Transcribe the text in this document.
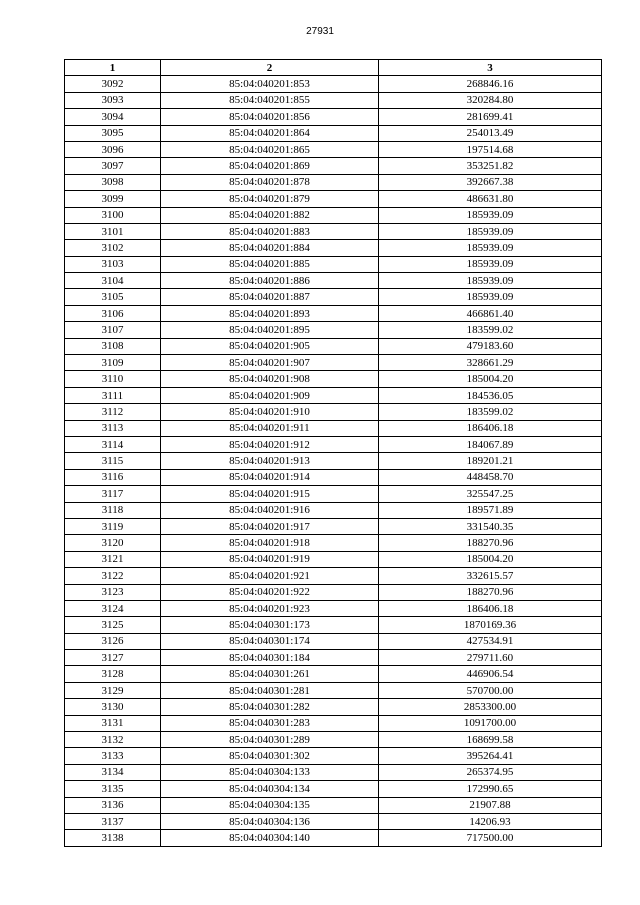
27931
1	2	3
3092	85:04:040201:853	268846.16
3093	85:04:040201:855	320284.80
3094	85:04:040201:856	281699.41
3095	85:04:040201:864	254013.49
3096	85:04:040201:865	197514.68
3097	85:04:040201:869	353251.82
3098	85:04:040201:878	392667.38
3099	85:04:040201:879	486631.80
3100	85:04:040201:882	185939.09
3101	85:04:040201:883	185939.09
3102	85:04:040201:884	185939.09
3103	85:04:040201:885	185939.09
3104	85:04:040201:886	185939.09
3105	85:04:040201:887	185939.09
3106	85:04:040201:893	466861.40
3107	85:04:040201:895	183599.02
3108	85:04:040201:905	479183.60
3109	85:04:040201:907	328661.29
3110	85:04:040201:908	185004.20
3111	85:04:040201:909	184536.05
3112	85:04:040201:910	183599.02
3113	85:04:040201:911	186406.18
3114	85:04:040201:912	184067.89
3115	85:04:040201:913	189201.21
3116	85:04:040201:914	448458.70
3117	85:04:040201:915	325547.25
3118	85:04:040201:916	189571.89
3119	85:04:040201:917	331540.35
3120	85:04:040201:918	188270.96
3121	85:04:040201:919	185004.20
3122	85:04:040201:921	332615.57
3123	85:04:040201:922	188270.96
3124	85:04:040201:923	186406.18
3125	85:04:040301:173	1870169.36
3126	85:04:040301:174	427534.91
3127	85:04:040301:184	279711.60
3128	85:04:040301:261	446906.54
3129	85:04:040301:281	570700.00
3130	85:04:040301:282	2853300.00
3131	85:04:040301:283	1091700.00
3132	85:04:040301:289	168699.58
3133	85:04:040301:302	395264.41
3134	85:04:040304:133	265374.95
3135	85:04:040304:134	172990.65
3136	85:04:040304:135	21907.88
3137	85:04:040304:136	14206.93
3138	85:04:040304:140	717500.00
